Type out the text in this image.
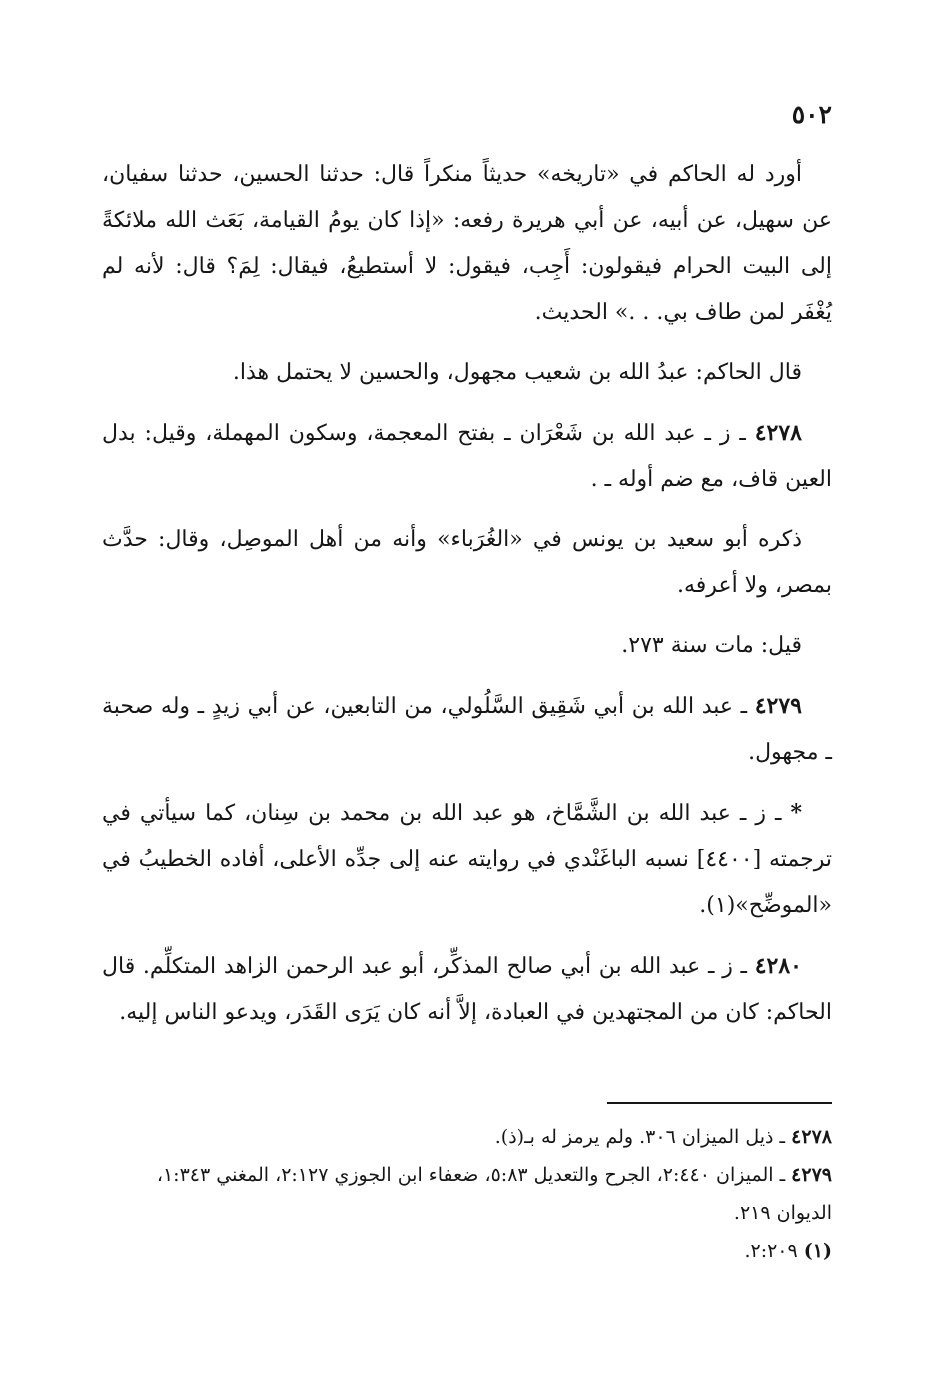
٥٠٢

أورد له الحاكم في «تاريخه» حديثاً منكراً قال: حدثنا الحسين، حدثنا سفيان، عن سهيل، عن أبيه، عن أبي هريرة رفعه: «إذا كان يومُ القيامة، بَعَث الله ملائكةً إلى البيت الحرام فيقولون: أَجِب، فيقول: لا أستطيعُ، فيقال: لِمَ؟ قال: لأنه لم يُغْفَر لمن طاف بي. . .» الحديث.

قال الحاكم: عبدُ الله بن شعيب مجهول، والحسين لا يحتمل هذا.

٤٢٧٨ ـ ز ـ عبد الله بن شَعْرَان ـ بفتح المعجمة، وسكون المهملة، وقيل: بدل العين قاف، مع ضم أوله ـ .

ذكره أبو سعيد بن يونس في «الغُرَباء» وأنه من أهل الموصِل، وقال: حدَّث بمصر، ولا أعرفه.

قيل: مات سنة ٢٧٣.

٤٢٧٩ ـ عبد الله بن أبي شَقِيق السَّلُولي، من التابعين، عن أبي زيدٍ ـ وله صحبة ـ مجهول.

* ـ ز ـ عبد الله بن الشَّمَّاخ، هو عبد الله بن محمد بن سِنان، كما سيأتي في ترجمته [٤٤٠٠] نسبه الباغَنْدي في روايته عنه إلى جدِّه الأعلى، أفاده الخطيبُ في «الموضِّح»(١).

٤٢٨٠ ـ ز ـ عبد الله بن أبي صالح المذكِّر، أبو عبد الرحمن الزاهد المتكلِّم. قال الحاكم: كان من المجتهدين في العبادة، إلاَّ أنه كان يَرَى القَدَر، ويدعو الناس إليه.

٤٢٧٨ ـ ذيل الميزان ٣٠٦. ولم يرمز له بـ(ذ).

٤٢٧٩ ـ الميزان ٢:٤٤٠، الجرح والتعديل ٥:٨٣، ضعفاء ابن الجوزي ٢:١٢٧، المغني ١:٣٤٣، الديوان ٢١٩.

(١) ٢:٢٠٩.
